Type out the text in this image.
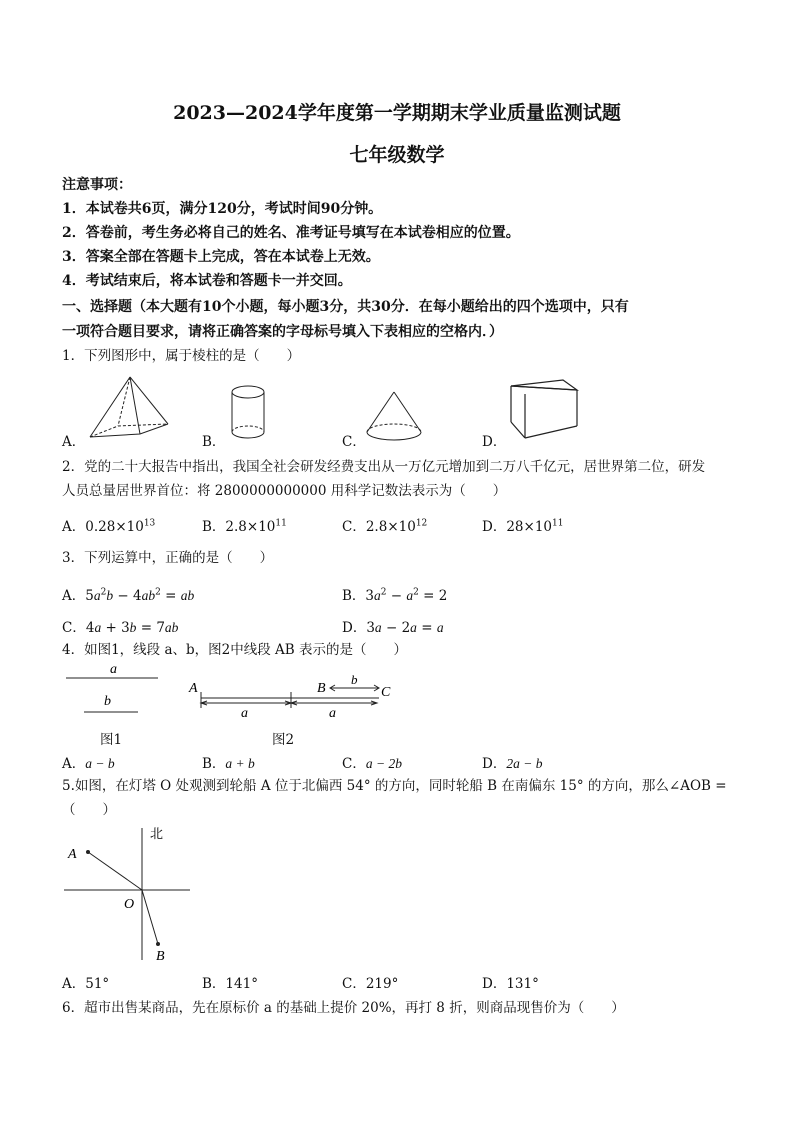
2023—2024学年度第一学期期末学业质量监测试题
七年级数学
注意事项：
1．本试卷共6页，满分120分，考试时间90分钟。
2．答卷前，考生务必将自己的姓名、准考证号填写在本试卷相应的位置。
3．答案全部在答题卡上完成，答在本试卷上无效。
4．考试结束后，将本试卷和答题卡一并交回。
一、选择题（本大题有10个小题，每小题3分，共30分．在每小题给出的四个选项中，只有
一项符合题目要求，请将正确答案的字母标号填入下表相应的空格内．）
1．下列图形中，属于棱柱的是（　　）
A．	B．	C．	D．
2．党的二十大报告中指出，我国全社会研发经费支出从一万亿元增加到二万八千亿元，居世界第二位，研发
人员总量居世界首位：将 2800000000000 用科学记数法表示为（　　）
A．$0.28\times 10^{13}$	B．$2.8\times 10^{11}$	C．$2.8\times 10^{12}$	D．$28\times 10^{11}$
3．下列运算中，正确的是（　　）
A．$5a^2b - 4ab^2$ = ab	B．$3a^2 - a^2 = 2$
C．4a + 3b = 7ab	D．3a − 2a = a
4．如图1，线段 a、b，图2中线段 AB 表示的是（　　）
a
b
图1
A	B	C
b
a	a
图2
A．a − b	B．a + b	C．a − 2b	D．2a − b
5.如图，在灯塔 O 处观测到轮船 A 位于北偏西 54° 的方向，同时轮船 B 在南偏东 15° 的方向，那么∠AOB =
（　　）
A
O
B
北
A．51°	B．141°	C．219°	D．131°
6．超市出售某商品，先在原标价 a 的基础上提价 20%，再打 8 折，则商品现售价为（　　）
